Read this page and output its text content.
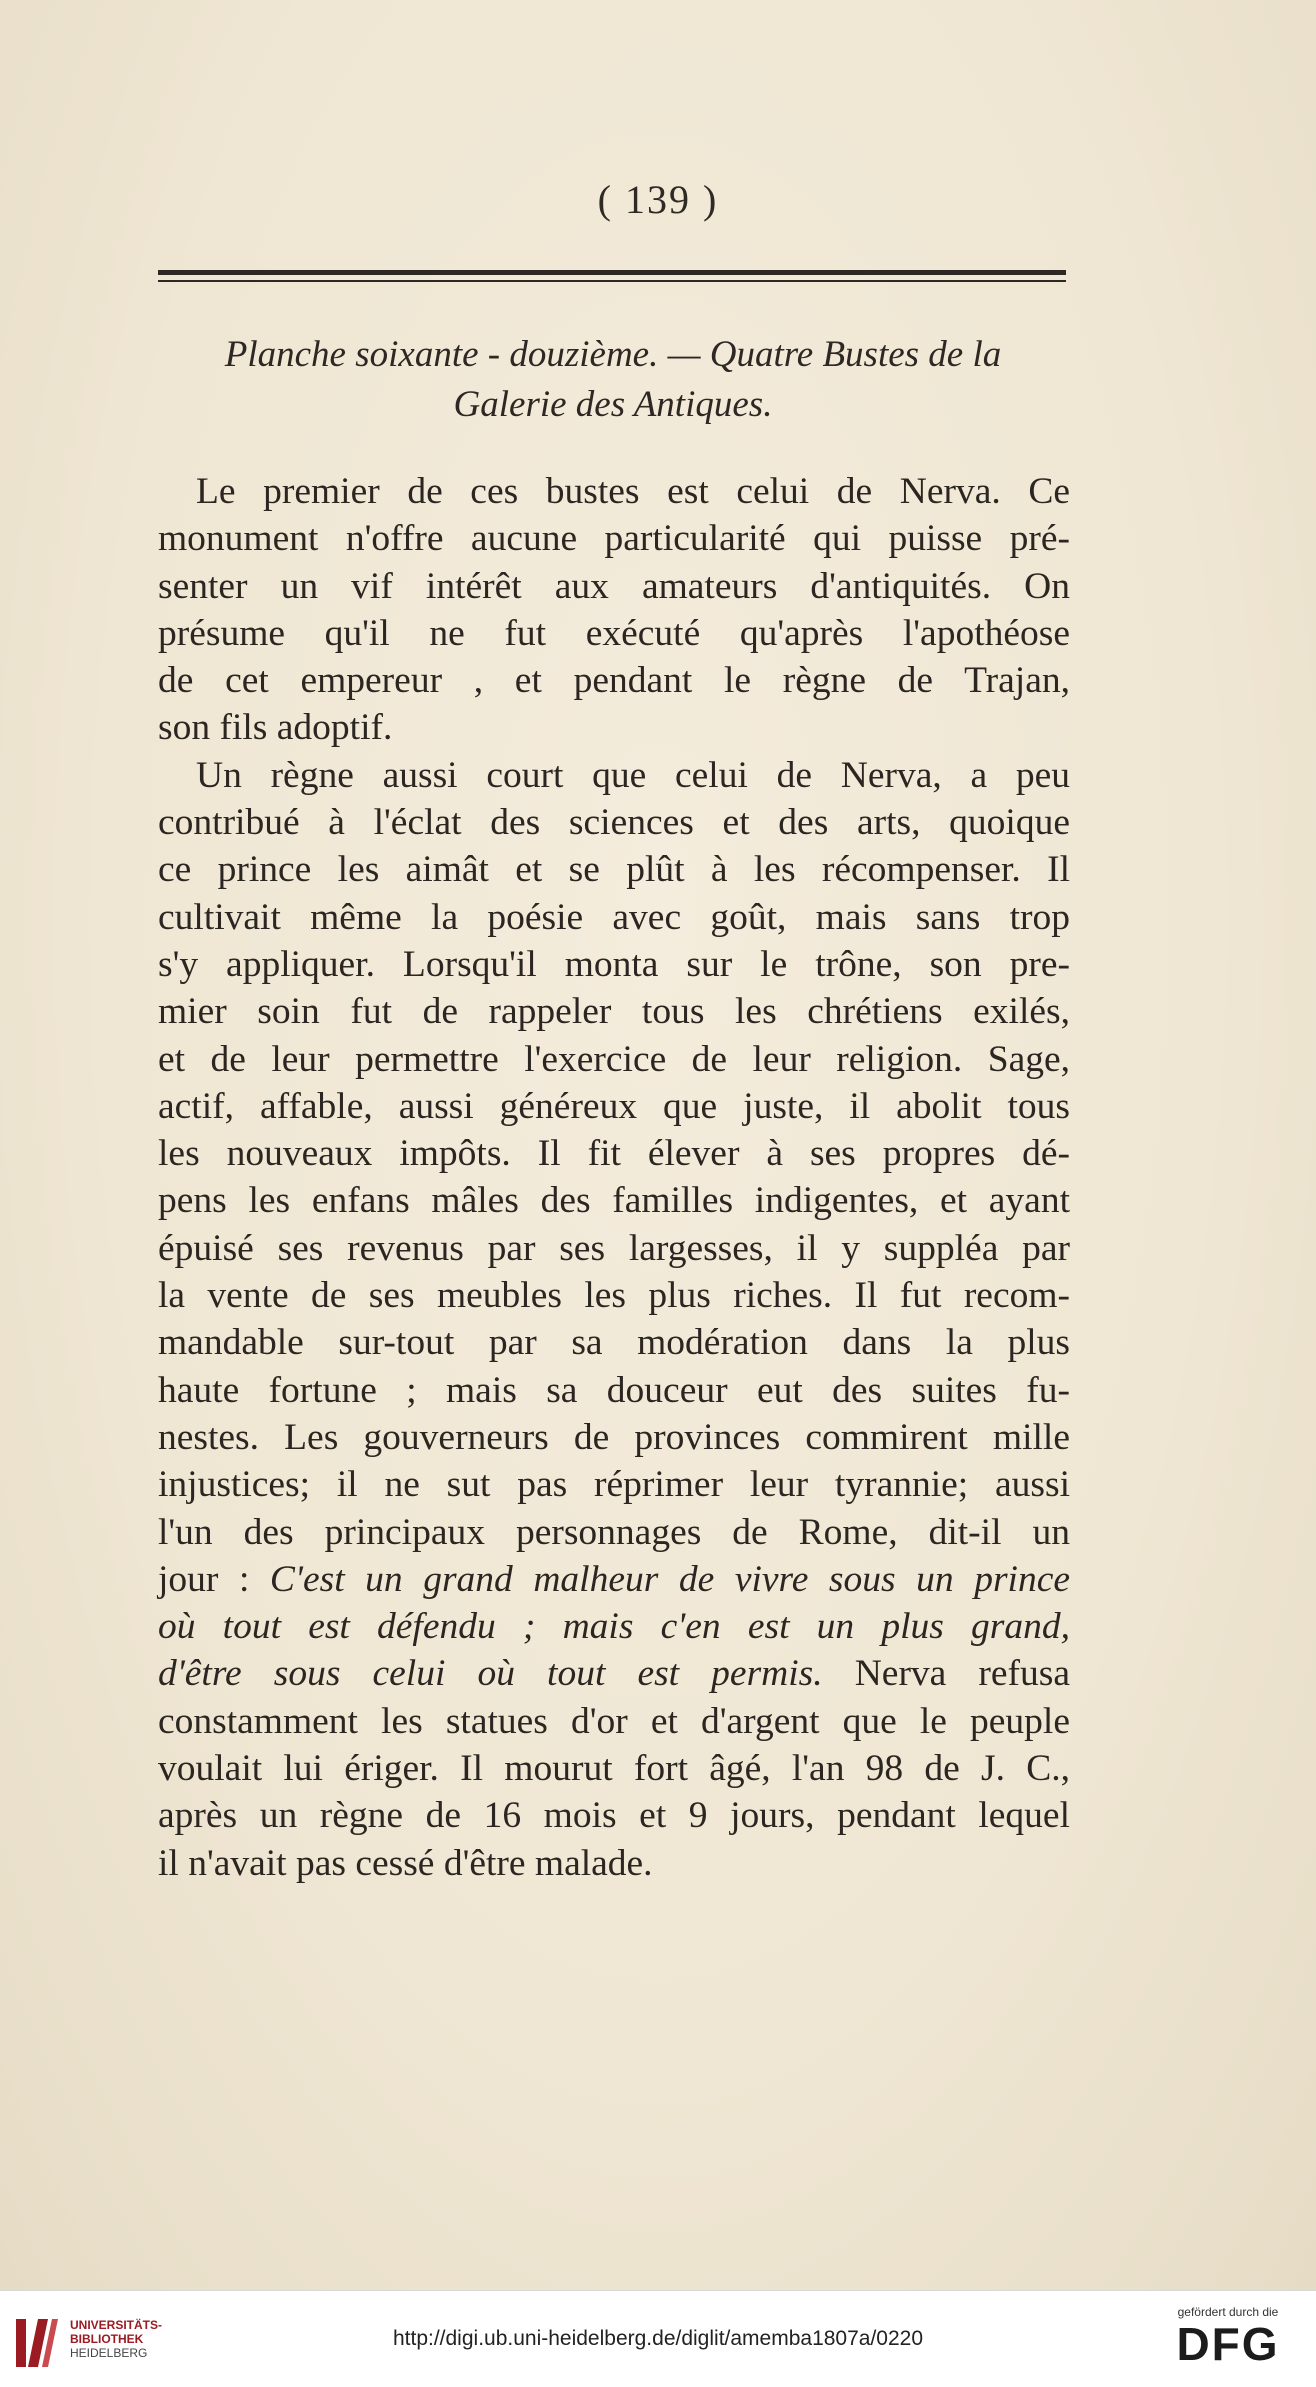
( 139 )
Planche soixante - douzième. — Quatre Bustes de la
Galerie des Antiques.
Le premier de ces bustes est celui de Nerva. Ce
monument n'offre aucune particularité qui puisse pré-
senter un vif intérêt aux amateurs d'antiquités. On
présume qu'il ne fut exécuté qu'après l'apothéose
de cet empereur , et pendant le règne de Trajan,
son fils adoptif.
Un règne aussi court que celui de Nerva, a peu
contribué à l'éclat des sciences et des arts, quoique
ce prince les aimât et se plût à les récompenser. Il
cultivait même la poésie avec goût, mais sans trop
s'y appliquer. Lorsqu'il monta sur le trône, son pre-
mier soin fut de rappeler tous les chrétiens exilés,
et de leur permettre l'exercice de leur religion. Sage,
actif, affable, aussi généreux que juste, il abolit tous
les nouveaux impôts. Il fit élever à ses propres dé-
pens les enfans mâles des familles indigentes, et ayant
épuisé ses revenus par ses largesses, il y suppléa par
la vente de ses meubles les plus riches. Il fut recom-
mandable sur-tout par sa modération dans la plus
haute fortune ; mais sa douceur eut des suites fu-
nestes. Les gouverneurs de provinces commirent mille
injustices; il ne sut pas réprimer leur tyrannie; aussi
l'un des principaux personnages de Rome, dit-il un
jour : C'est un grand malheur de vivre sous un prince
où tout est défendu ; mais c'en est un plus grand,
d'être sous celui où tout est permis. Nerva refusa
constamment les statues d'or et d'argent que le peuple
voulait lui ériger. Il mourut fort âgé, l'an 98 de J. C.,
après un règne de 16 mois et 9 jours, pendant lequel
il n'avait pas cessé d'être malade.
UNIVERSITÄTS-
BIBLIOTHEK
HEIDELBERG
http://digi.ub.uni-heidelberg.de/diglit/amemba1807a/0220
gefördert durch die
DFG
